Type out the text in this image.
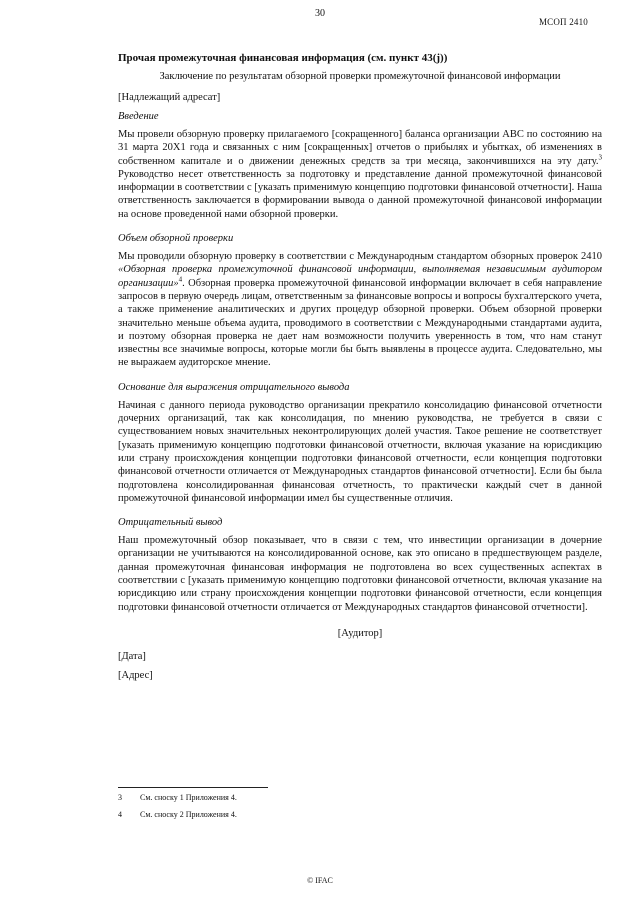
30
МСОП 2410
Прочая промежуточная финансовая информация (см. пункт 43(j))
Заключение по результатам обзорной проверки промежуточной финансовой информации
[Надлежащий адресат]
Введение

Мы провели обзорную проверку прилагаемого [сокращенного] баланса организации ABC по состоянию на 31 марта 20X1 года и связанных с ним [сокращенных] отчетов о прибылях и убытках, об изменениях в собственном капитале и о движении денежных средств за три месяца, закончившихся на эту дату.$^3$ Руководство несет ответственность за подготовку и представление данной промежуточной финансовой информации в соответствии с [указать применимую концепцию подготовки финансовой отчетности]. Наша ответственность заключается в формировании вывода о данной промежуточной финансовой информации на основе проведенной нами обзорной проверки.

Объем обзорной проверки

Мы проводили обзорную проверку в соответствии с Международным стандартом обзорных проверок 2410 «Обзорная проверка промежуточной финансовой информации, выполняемая независимым аудитором организации»$^4$. Обзорная проверка промежуточной финансовой информации включает в себя направление запросов в первую очередь лицам, ответственным за финансовые вопросы и вопросы бухгалтерского учета, а также применение аналитических и других процедур обзорной проверки. Объем обзорной проверки значительно меньше объема аудита, проводимого в соответствии с Международными стандартами аудита, и поэтому обзорная проверка не дает нам возможности получить уверенность в том, что нам станут известны все значимые вопросы, которые могли бы быть выявлены в процессе аудита. Следовательно, мы не выражаем аудиторское мнение.

Основание для выражения отрицательного вывода

Начиная с данного периода руководство организации прекратило консолидацию финансовой отчетности дочерних организаций, так как консолидация, по мнению руководства, не требуется в связи с существованием новых значительных неконтролирующих долей участия. Такое решение не соответствует [указать применимую концепцию подготовки финансовой отчетности, включая указание на юрисдикцию или страну происхождения концепции подготовки финансовой отчетности, если концепция подготовки финансовой отчетности отличается от Международных стандартов финансовой отчетности]. Если бы была подготовлена консолидированная финансовая отчетность, то практически каждый счет в данной промежуточной финансовой информации имел бы существенные отличия.

Отрицательный вывод

Наш промежуточный обзор показывает, что в связи с тем, что инвестиции организации в дочерние организации не учитываются на консолидированной основе, как это описано в предшествующем разделе, данная промежуточная финансовая информация не подготовлена во всех существенных аспектах в соответствии с [указать применимую концепцию подготовки финансовой отчетности, включая указание на юрисдикцию или страну происхождения концепции подготовки финансовой отчетности, если концепция подготовки финансовой отчетности отличается от Международных стандартов финансовой отчетности].

[Аудитор]
[Дата]
[Адрес]
3	См. сноску 1 Приложения 4.
4	См. сноску 2 Приложения 4.
© IFAC
